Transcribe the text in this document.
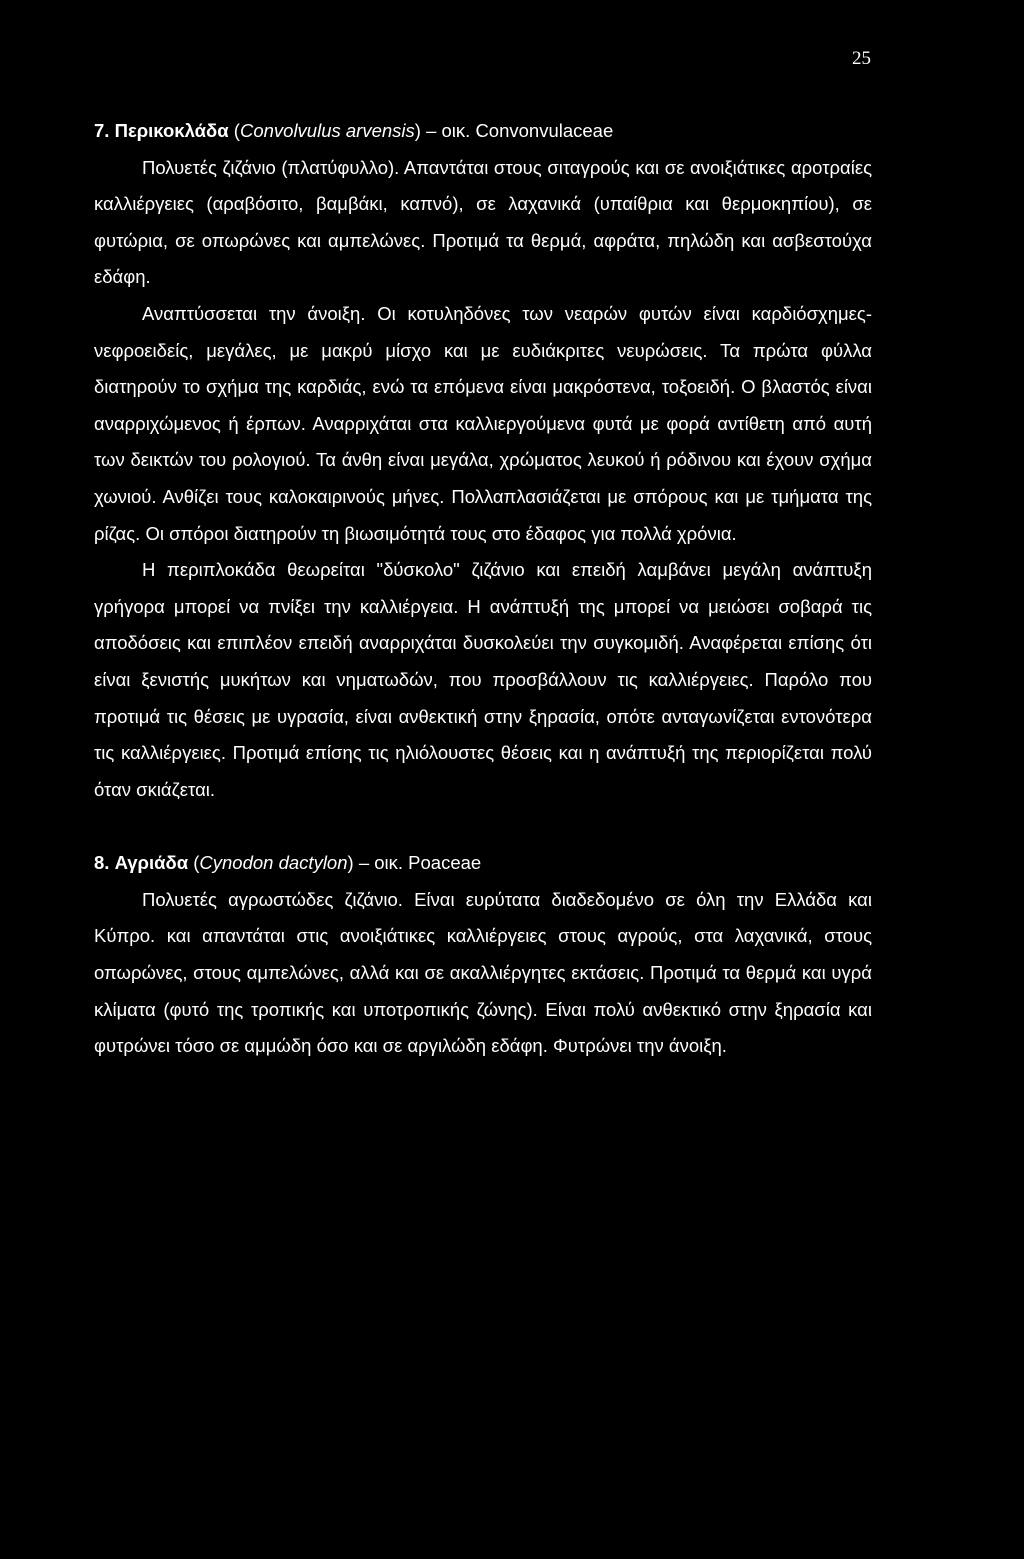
25

7. Περικοκλάδα (Convolvulus arvensis) – οικ. Convonvulaceae

Πολυετές ζιζάνιο (πλατύφυλλο). Απαντάται στους σιταγρούς και σε ανοιξιάτικες αροτραίες καλλιέργειες (αραβόσιτο, βαμβάκι, καπνό), σε λαχανικά (υπαίθρια και θερμοκηπίου), σε φυτώρια, σε οπωρώνες και αμπελώνες. Προτιμά τα θερμά, αφράτα, πηλώδη και ασβεστούχα εδάφη.

Αναπτύσσεται την άνοιξη. Οι κοτυληδόνες των νεαρών φυτών είναι καρδιόσχημες-νεφροειδείς, μεγάλες, με μακρύ μίσχο και με ευδιάκριτες νευρώσεις. Τα πρώτα φύλλα διατηρούν το σχήμα της καρδιάς, ενώ τα επόμενα είναι μακρόστενα, τοξοειδή. Ο βλαστός είναι αναρριχώμενος ή έρπων. Αναρριχάται στα καλλιεργούμενα φυτά με φορά αντίθετη από αυτή των δεικτών του ρολογιού. Τα άνθη είναι μεγάλα, χρώματος λευκού ή ρόδινου και έχουν σχήμα χωνιού. Ανθίζει τους καλοκαιρινούς μήνες. Πολλαπλασιάζεται με σπόρους και με τμήματα της ρίζας. Οι σπόροι διατηρούν τη βιωσιμότητά τους στο έδαφος για πολλά χρόνια.

Η περιπλοκάδα θεωρείται "δύσκολο" ζιζάνιο και επειδή λαμβάνει μεγάλη ανάπτυξη γρήγορα μπορεί να πνίξει την καλλιέργεια. Η ανάπτυξή της μπορεί να μειώσει σοβαρά τις αποδόσεις και επιπλέον επειδή αναρριχάται δυσκολεύει την συγκομιδή. Αναφέρεται επίσης ότι είναι ξενιστής μυκήτων και νηματωδών, που προσβάλλουν τις καλλιέργειες. Παρόλο που προτιμά τις θέσεις με υγρασία, είναι ανθεκτική στην ξηρασία, οπότε ανταγωνίζεται εντονότερα τις καλλιέργειες. Προτιμά επίσης τις ηλιόλουστες θέσεις και η ανάπτυξή της περιορίζεται πολύ όταν σκιάζεται.

8. Αγριάδα (Cynodon dactylon) – οικ. Poaceae

Πολυετές αγρωστώδες ζιζάνιο. Είναι ευρύτατα διαδεδομένο σε όλη την Ελλάδα και Κύπρο. και απαντάται στις ανοιξιάτικες καλλιέργειες στους αγρούς, στα λαχανικά, στους οπωρώνες, στους αμπελώνες, αλλά και σε ακαλλιέργητες εκτάσεις. Προτιμά τα θερμά και υγρά κλίματα (φυτό της τροπικής και υποτροπικής ζώνης). Είναι πολύ ανθεκτικό στην ξηρασία και φυτρώνει τόσο σε αμμώδη όσο και σε αργιλώδη εδάφη. Φυτρώνει την άνοιξη.
